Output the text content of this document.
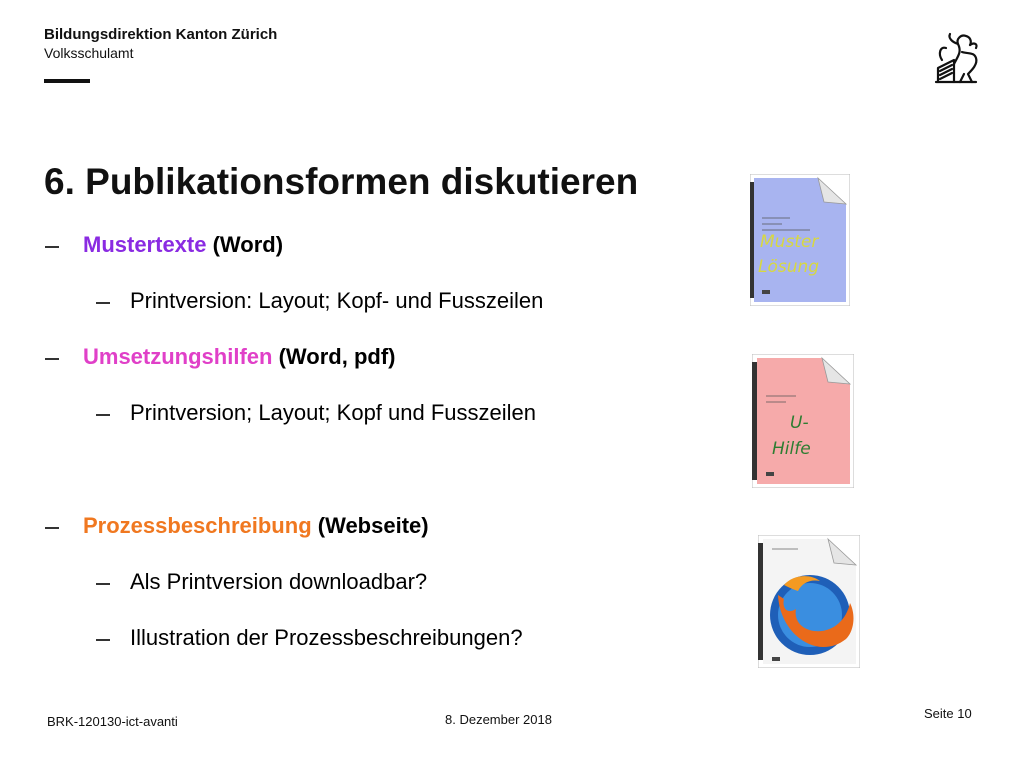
Bildungsdirektion Kanton Zürich
Volksschulamt
6. Publikationsformen diskutieren
Mustertexte (Word)
Printversion: Layout; Kopf- und Fusszeilen
Umsetzungshilfen (Word, pdf)
Printversion; Layout; Kopf und Fusszeilen
Prozessbeschreibung (Webseite)
Als Printversion downloadbar?
Illustration der Prozessbeschreibungen?
Muster
Lösung
U-
Hilfe
BRK-120130-ict-avanti	8. Dezember 2018	Seite 10
